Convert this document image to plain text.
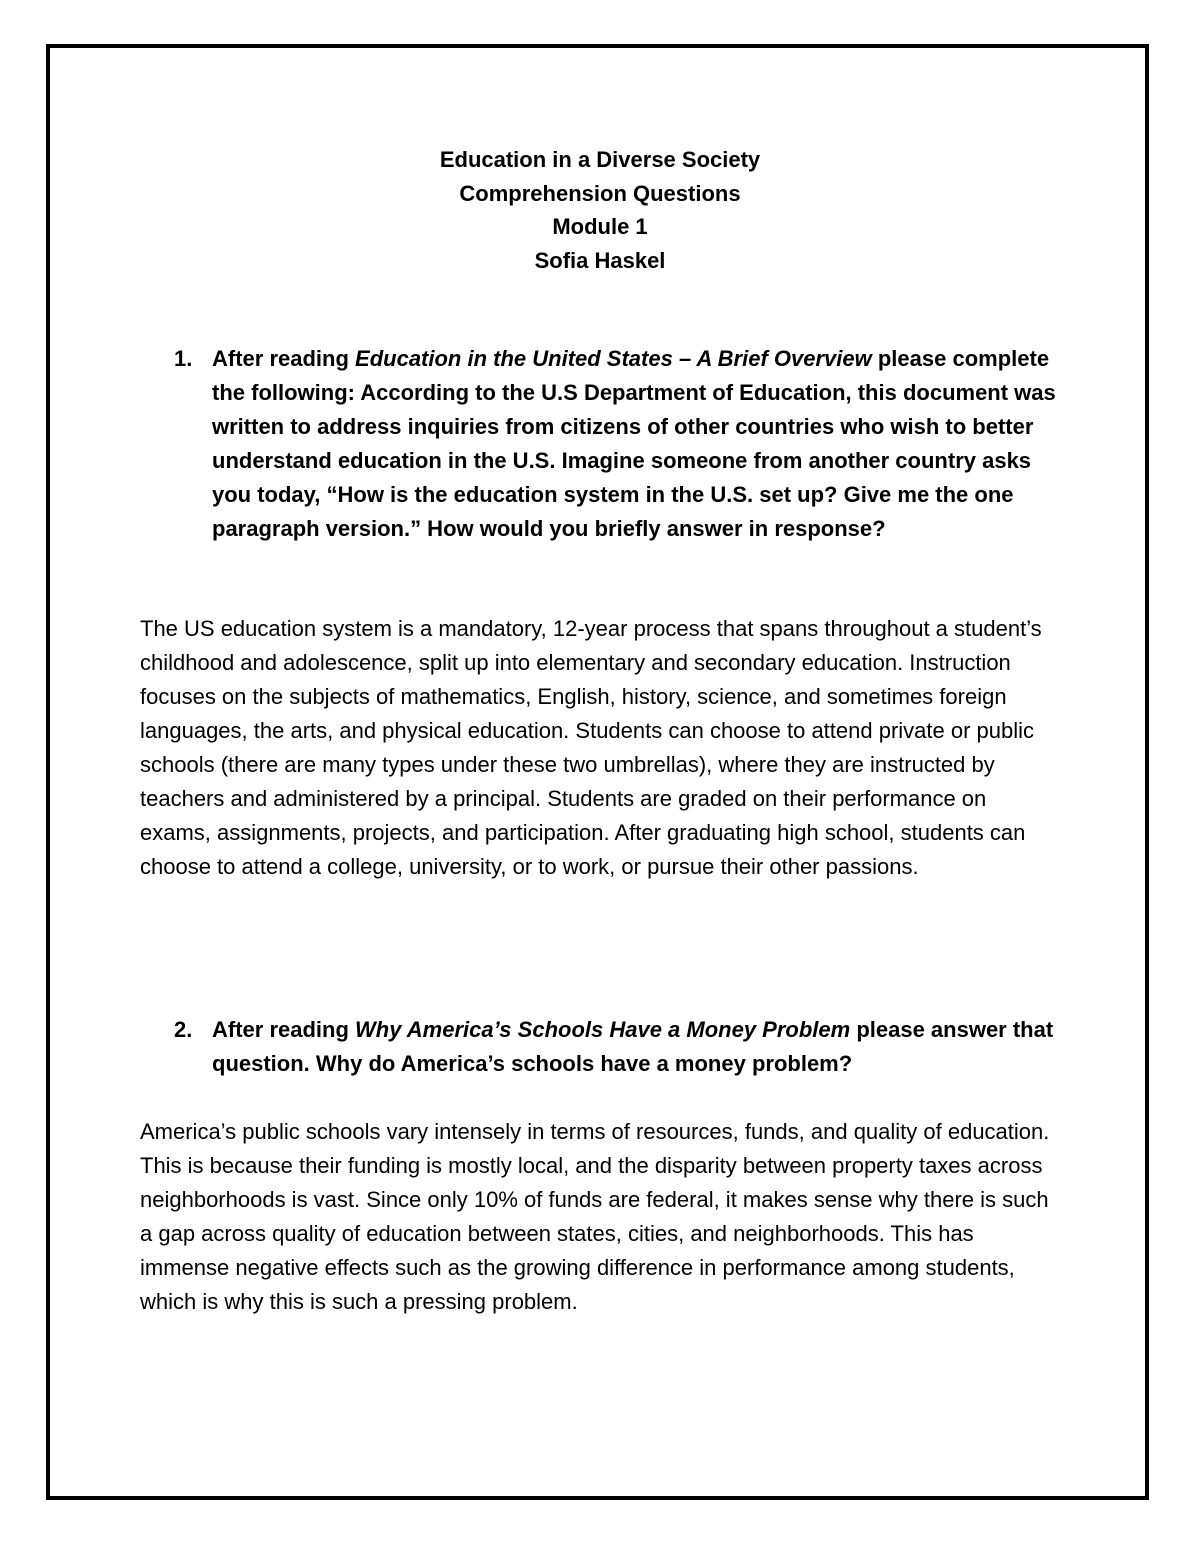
Education in a Diverse Society
Comprehension Questions
Module 1
Sofia Haskel
1. After reading Education in the United States – A Brief Overview please complete the following: According to the U.S Department of Education, this document was written to address inquiries from citizens of other countries who wish to better understand education in the U.S. Imagine someone from another country asks you today, “How is the education system in the U.S. set up? Give me the one paragraph version.” How would you briefly answer in response?
The US education system is a mandatory, 12-year process that spans throughout a student’s childhood and adolescence, split up into elementary and secondary education. Instruction focuses on the subjects of mathematics, English, history, science, and sometimes foreign languages, the arts, and physical education. Students can choose to attend private or public schools (there are many types under these two umbrellas), where they are instructed by teachers and administered by a principal. Students are graded on their performance on exams, assignments, projects, and participation. After graduating high school, students can choose to attend a college, university, or to work, or pursue their other passions.
2. After reading Why America’s Schools Have a Money Problem please answer that question. Why do America’s schools have a money problem?
America’s public schools vary intensely in terms of resources, funds, and quality of education. This is because their funding is mostly local, and the disparity between property taxes across neighborhoods is vast. Since only 10% of funds are federal, it makes sense why there is such a gap across quality of education between states, cities, and neighborhoods. This has immense negative effects such as the growing difference in performance among students, which is why this is such a pressing problem.
